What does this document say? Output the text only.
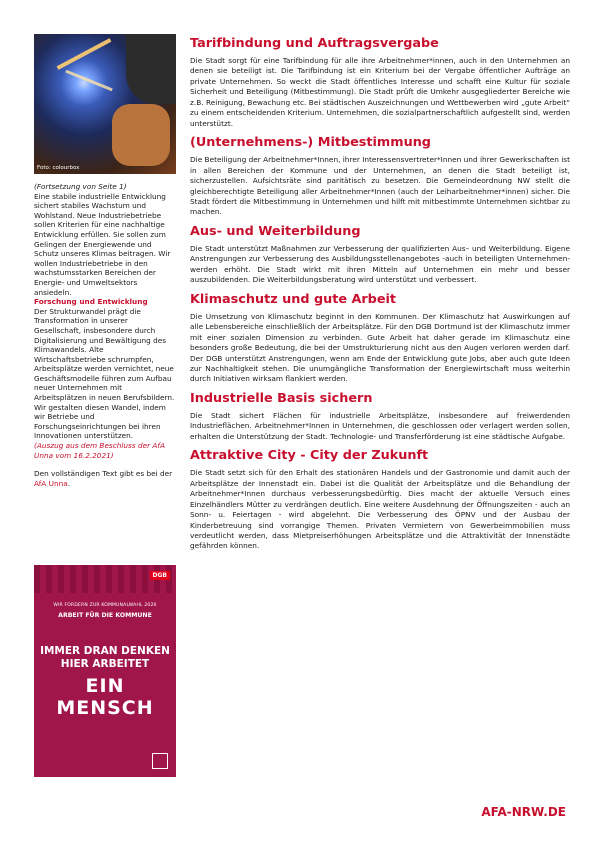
Foto: colourbox

(Fortsetzung von Seite 1)

Eine stabile industrielle Entwicklung sichert stabiles Wachstum und Wohlstand. Neue Industriebetriebe sollen Kriterien für eine nachhaltige Entwicklung erfüllen. Sie sollen zum Gelingen der Energiewende und Schutz unseres Klimas beitragen. Wir wollen Industriebetriebe in den wachstumsstarken Bereichen der Energie- und Umweltsektors ansiedeln.

Forschung und Entwicklung

Der Strukturwandel prägt die Transformation in unserer Gesellschaft, insbesondere durch Digitalisierung und Bewältigung des Klimawandels. Alte Wirtschaftsbetriebe schrumpfen, Arbeitsplätze werden vernichtet, neue Geschäftsmodelle führen zum Aufbau neuer Unternehmen mit Arbeitsplätzen in neuen Berufsbildern. Wir gestalten diesen Wandel, indem wir Betriebe und Forschungseinrichtungen bei ihren Innovationen unterstützen.

(Auszug aus dem Beschluss der AfA Unna vom 16.2.2021)

Den vollständigen Text gibt es bei der AfA Unna.

DGB
WIR FORDERN ZUR KOMMUNALWAHL 2020
ARBEIT FÜR DIE KOMMUNE
IMMER DRAN DENKEN
HIER ARBEITET
EIN MENSCH
Tarifbindung und Auftragsvergabe

Die Stadt sorgt für eine Tarifbindung für alle ihre Arbeitnehmer*innen, auch in den Unternehmen an denen sie beteiligt ist. Die Tarifbindung ist ein Kriterium bei der Vergabe öffentlicher Aufträge an private Unternehmen. So weckt die Stadt öffentliches Interesse und schafft eine Kultur für soziale Sicherheit und Beteiligung (Mitbestimmung). Die Stadt prüft die Umkehr ausgegliederter Bereiche wie z.B. Reinigung, Bewachung etc. Bei städtischen Auszeichnungen und Wettbewerben wird „gute Arbeit“ zu einem entscheidenden Kriterium. Unternehmen, die sozialpartnerschaftlich aufgestellt sind, werden unterstützt.

(Unternehmens-) Mitbestimmung

Die Beteiligung der Arbeitnehmer*Innen, ihrer Interessensvertreter*Innen und ihrer Gewerkschaften ist in allen Bereichen der Kommune und der Unternehmen, an denen die Stadt beteiligt ist, sicherzustellen. Aufsichtsräte sind paritätisch zu besetzen. Die Gemeindeordnung NW stellt die gleichberechtigte Beteiligung aller Arbeitnehmer*Innen (auch der Leiharbeitnehmer*innen) sicher. Die Stadt fördert die Mitbestimmung in Unternehmen und hilft mit mitbestimmte Unternehmen sichtbar zu machen.

Aus- und Weiterbildung

Die Stadt unterstützt Maßnahmen zur Verbesserung der qualifizierten Aus– und Weiterbildung. Eigene Anstrengungen zur Verbesserung des Ausbildungsstellenangebotes -auch in beteiligten Unternehmen- werden erhöht. Die Stadt wirkt mit ihren Mitteln auf Unternehmen ein mehr und besser auszubildenden. Die Weiterbildungsberatung wird unterstützt und verbessert.

Klimaschutz und gute Arbeit

Die Umsetzung von Klimaschutz beginnt in den Kommunen. Der Klimaschutz hat Auswirkungen auf alle Lebensbereiche einschließlich der Arbeitsplätze. Für den DGB Dortmund ist der Klimaschutz immer mit einer sozialen Dimension zu verbinden. Gute Arbeit hat daher gerade im Klimaschutz eine besonders große Bedeutung, die bei der Umstrukturierung nicht aus den Augen verloren werden darf. Der DGB unterstützt Anstrengungen, wenn am Ende der Entwicklung gute Jobs, aber auch gute Ideen zur Nachhaltigkeit stehen. Die unumgängliche Transformation der Energiewirtschaft muss weiterhin durch Initiativen wirksam flankiert werden.

Industrielle Basis sichern

Die Stadt sichert Flächen für industrielle Arbeitsplätze, insbesondere auf freiwerdenden Industrieflächen. Arbeitnehmer*Innen in Unternehmen, die geschlossen oder verlagert werden sollen, erhalten die Unterstützung der Stadt. Technologie- und Transferförderung ist eine städtische Aufgabe.

Attraktive City - City der Zukunft

Die Stadt setzt sich für den Erhalt des stationären Handels und der Gastronomie und damit auch der Arbeitsplätze der Innenstadt ein. Dabei ist die Qualität der Arbeitsplätze und die Behandlung der Arbeitnehmer*Innen durchaus verbesserungsbedürftig. Dies macht der aktuelle Versuch eines Einzelhändlers Mütter zu verdrängen deutlich. Eine weitere Ausdehnung der Öffnungszeiten - auch an Sonn- u. Feiertagen - wird abgelehnt. Die Verbesserung des ÖPNV und der Ausbau der Kinderbetreuung sind vorrangige Themen. Privaten Vermietern von Gewerbeimmobilien muss verdeutlicht werden, dass Mietpreiserhöhungen Arbeitsplätze und die Attraktivität der Innenstädte gefährden können.

AFA-NRW.DE
